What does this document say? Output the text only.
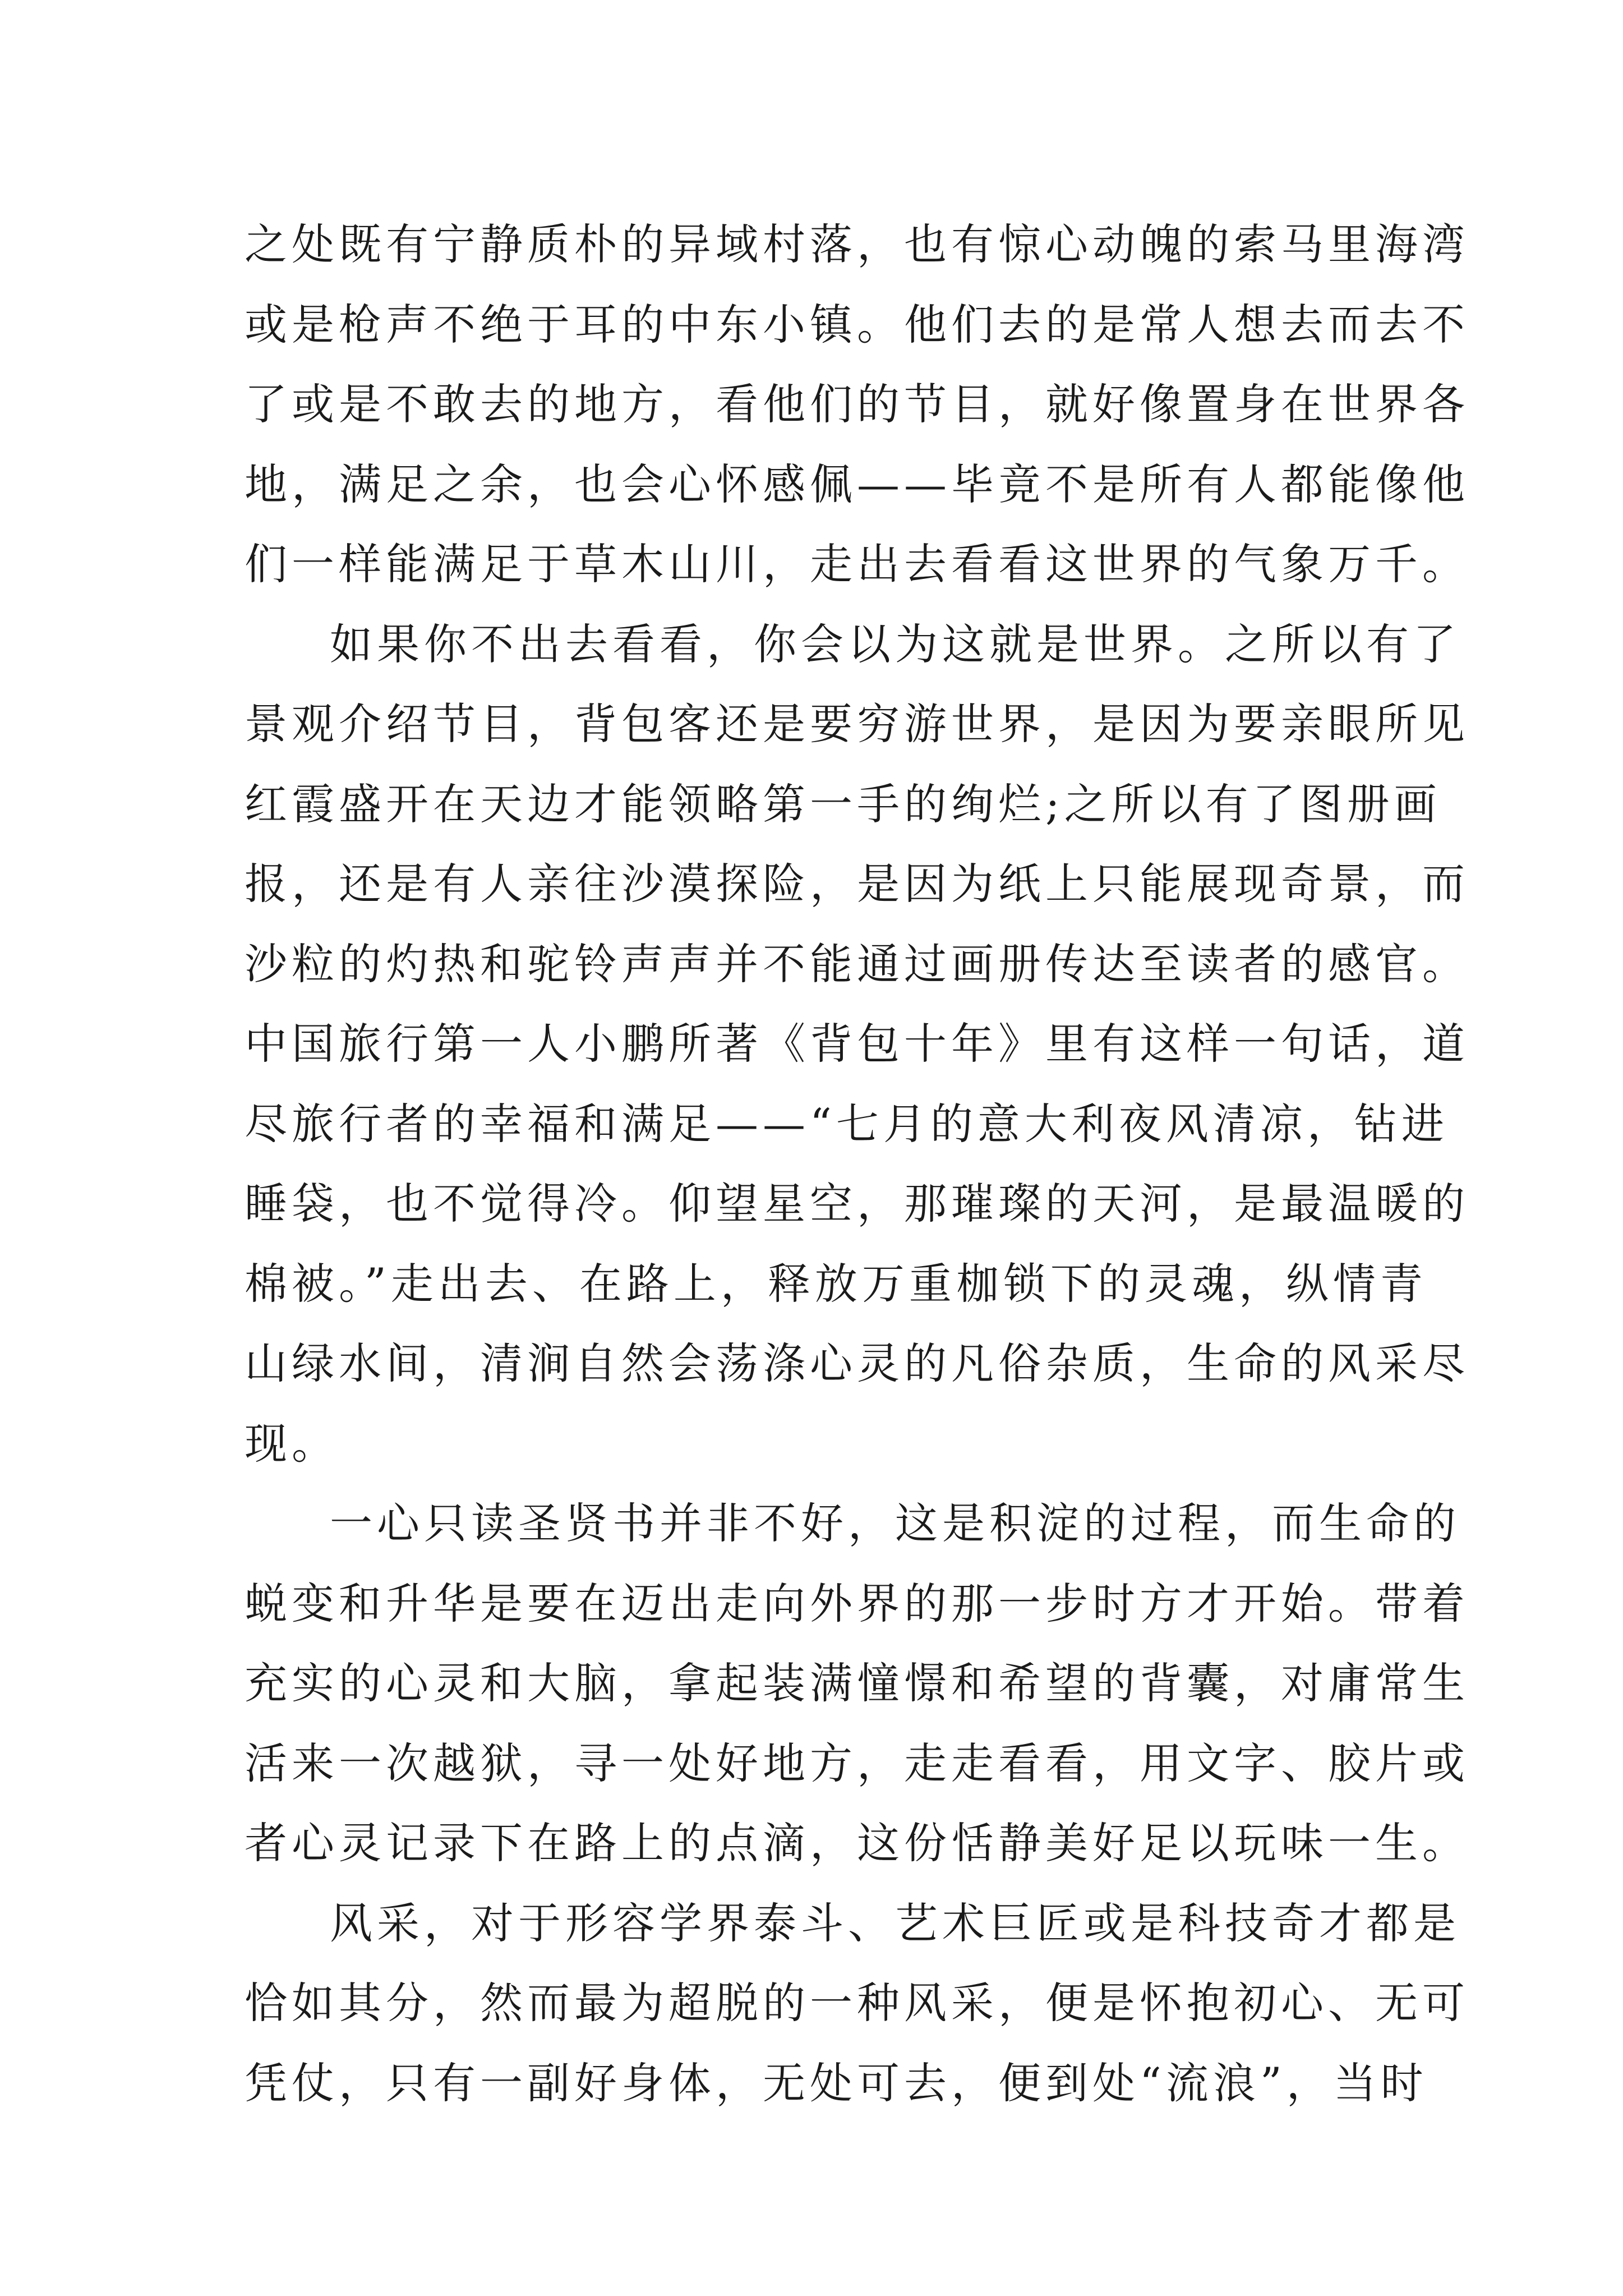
之处既有宁静质朴的异域村落，也有惊心动魄的索马里海湾
或是枪声不绝于耳的中东小镇。他们去的是常人想去而去不
了或是不敢去的地方，看他们的节目，就好像置身在世界各
地，满足之余，也会心怀感佩——毕竟不是所有人都能像他
们一样能满足于草木山川，走出去看看这世界的气象万千。
如果你不出去看看，你会以为这就是世界。之所以有了
景观介绍节目，背包客还是要穷游世界，是因为要亲眼所见
红霞盛开在天边才能领略第一手的绚烂;之所以有了图册画
报，还是有人亲往沙漠探险，是因为纸上只能展现奇景，而
沙粒的灼热和驼铃声声并不能通过画册传达至读者的感官。
中国旅行第一人小鹏所著《背包十年》里有这样一句话，道
尽旅行者的幸福和满足——“七月的意大利夜风清凉，钻进
睡袋，也不觉得冷。仰望星空，那璀璨的天河，是最温暖的
棉被。”走出去、在路上，释放万重枷锁下的灵魂，纵情青
山绿水间，清涧自然会荡涤心灵的凡俗杂质，生命的风采尽
现。
一心只读圣贤书并非不好，这是积淀的过程，而生命的
蜕变和升华是要在迈出走向外界的那一步时方才开始。带着
充实的心灵和大脑，拿起装满憧憬和希望的背囊，对庸常生
活来一次越狱，寻一处好地方，走走看看，用文字、胶片或
者心灵记录下在路上的点滴，这份恬静美好足以玩味一生。
风采，对于形容学界泰斗、艺术巨匠或是科技奇才都是
恰如其分，然而最为超脱的一种风采，便是怀抱初心、无可
凭仗，只有一副好身体，无处可去，便到处“流浪”，当时
